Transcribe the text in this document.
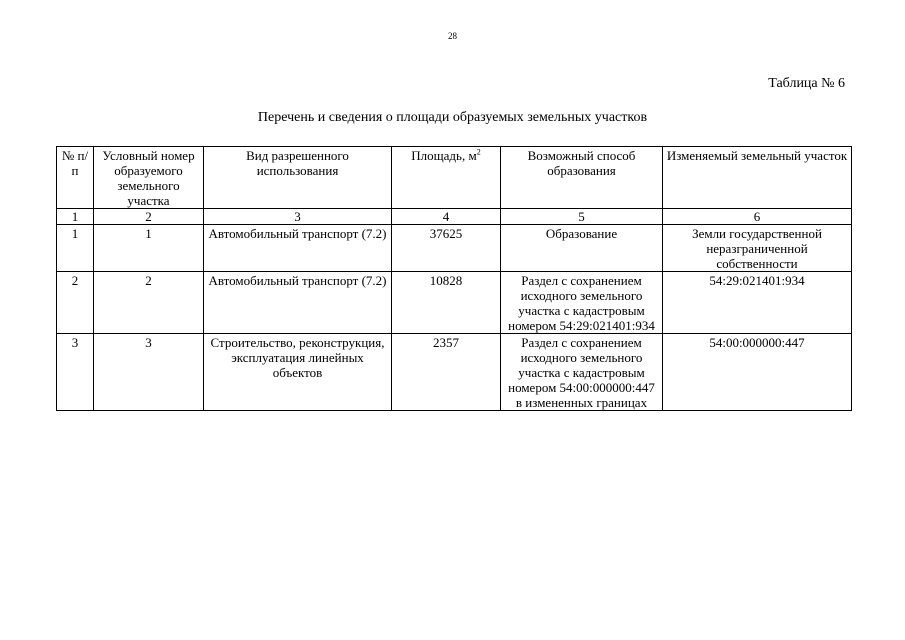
28
Таблица № 6
Перечень и сведения о площади образуемых земельных участков
№ п/п	Условный номер образуемого земельного участка	Вид разрешенного использования	Площадь, $м^2$	Возможный способ образования	Изменяемый земельный участок
1	2	3	4	5	6
1	1	Автомобильный транспорт (7.2)	37625	Образование	Земли государственной неразграниченной собственности
2	2	Автомобильный транспорт (7.2)	10828	Раздел с сохранением исходного земельного участка с кадастровым номером 54:29:021401:934	54:29:021401:934
3	3	Строительство, реконструкция, эксплуатация линейных объектов	2357	Раздел с сохранением исходного земельного участка с кадастровым номером 54:00:000000:447 в измененных границах	54:00:000000:447
